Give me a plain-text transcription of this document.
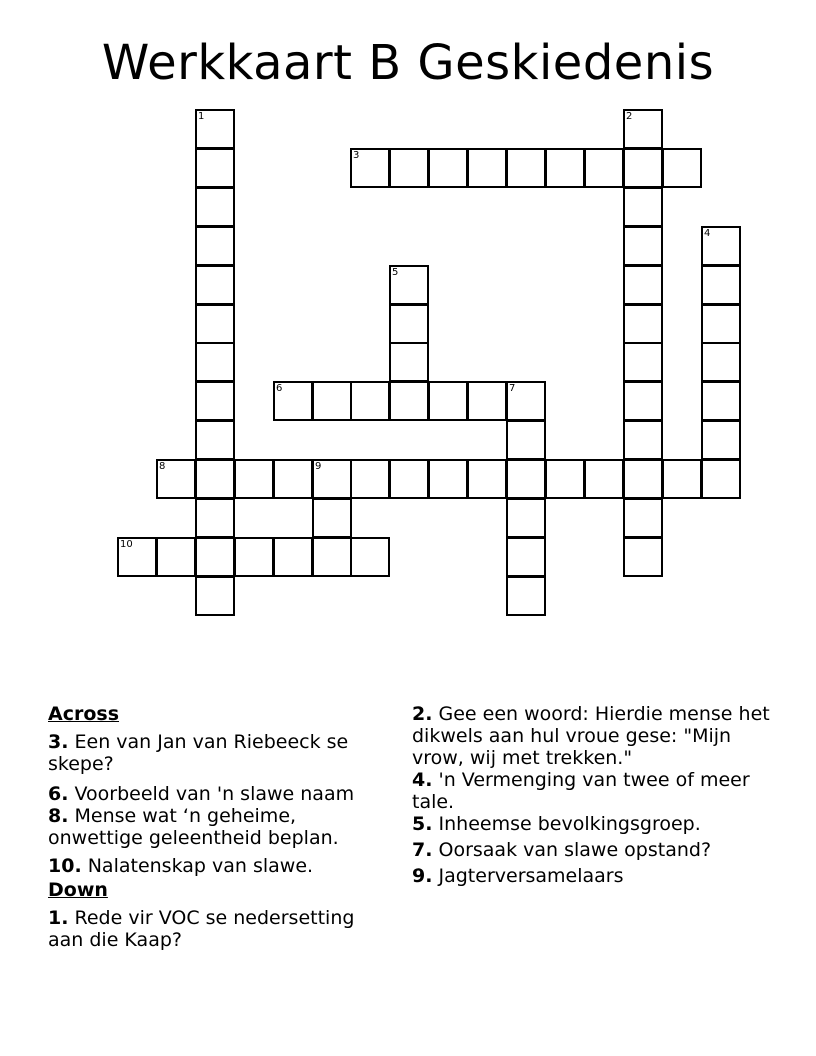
Werkkaart B Geskiedenis
1	2
3
4
5
6	7
8	9
10
Across
3. Een van Jan van Riebeeck se skepe?
6. Voorbeeld van 'n slawe naam
8. Mense wat ‘n geheime, onwettige geleentheid beplan.
10. Nalatenskap van slawe.
Down
1. Rede vir VOC se nedersetting aan die Kaap?
2. Gee een woord: Hierdie mense het dikwels aan hul vroue gese: "Mijn vrow, wij met trekken."
4. 'n Vermenging van twee of meer tale.
5. Inheemse bevolkingsgroep.
7. Oorsaak van slawe opstand?
9. Jagterversamelaars
